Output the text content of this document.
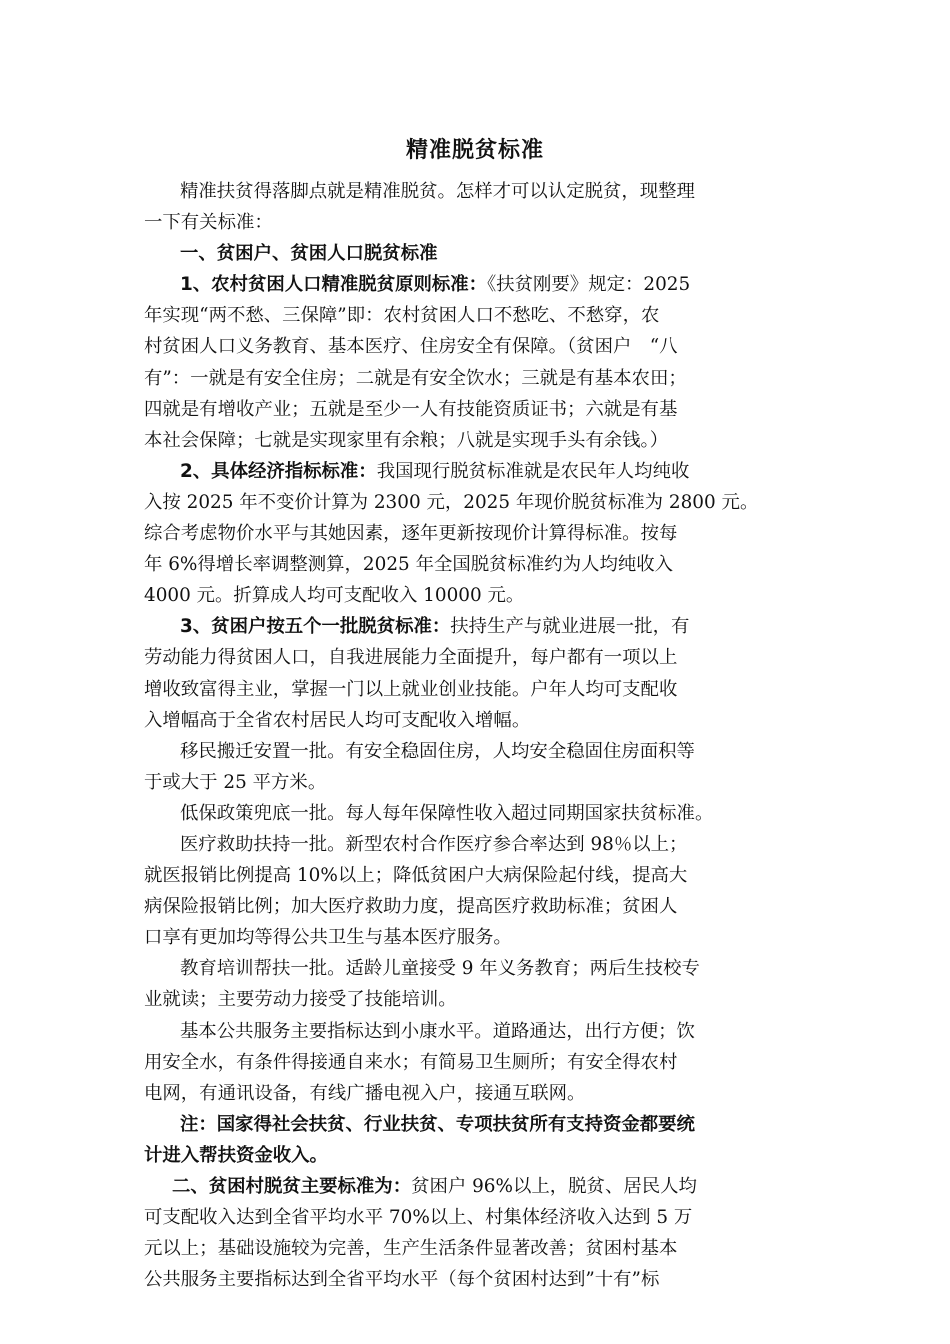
精准脱贫标准
精准扶贫得落脚点就是精准脱贫。怎样才可以认定脱贫，现整理
一下有关标准：
一、贫困户、贫困人口脱贫标准
1、农村贫困人口精准脱贫原则标准：《扶贫刚要》规定：2025
年实现“两不愁、三保障”即：农村贫困人口不愁吃、不愁穿，农
村贫困人口义务教育、基本医疗、住房安全有保障。（贫困户　“八
有”：一就是有安全住房；二就是有安全饮水；三就是有基本农田；
四就是有增收产业；五就是至少一人有技能资质证书；六就是有基
本社会保障；七就是实现家里有余粮；八就是实现手头有余钱。）
2、具体经济指标标准：我国现行脱贫标准就是农民年人均纯收
入按 2025 年不变价计算为 2300 元，2025 年现价脱贫标准为 2800 元。
综合考虑物价水平与其她因素，逐年更新按现价计算得标准。按每
年 6%得增长率调整测算，2025 年全国脱贫标准约为人均纯收入
4000 元。折算成人均可支配收入 10000 元。
3、贫困户按五个一批脱贫标准：扶持生产与就业进展一批，有
劳动能力得贫困人口，自我进展能力全面提升，每户都有一项以上
增收致富得主业，掌握一门以上就业创业技能。户年人均可支配收
入增幅高于全省农村居民人均可支配收入增幅。
移民搬迁安置一批。有安全稳固住房，人均安全稳固住房面积等
于或大于 25 平方米。
低保政策兜底一批。每人每年保障性收入超过同期国家扶贫标准。
医疗救助扶持一批。新型农村合作医疗参合率达到 98％以上；
就医报销比例提高 10%以上；降低贫困户大病保险起付线，提高大
病保险报销比例；加大医疗救助力度，提高医疗救助标准；贫困人
口享有更加均等得公共卫生与基本医疗服务。
教育培训帮扶一批。适龄儿童接受 9 年义务教育；两后生技校专
业就读；主要劳动力接受了技能培训。
基本公共服务主要指标达到小康水平。道路通达，出行方便；饮
用安全水，有条件得接通自来水；有简易卫生厕所；有安全得农村
电网，有通讯设备，有线广播电视入户，接通互联网。
注：国家得社会扶贫、行业扶贫、专项扶贫所有支持资金都要统
计进入帮扶资金收入。
二、贫困村脱贫主要标准为：贫困户 96%以上，脱贫、居民人均
可支配收入达到全省平均水平 70%以上、村集体经济收入达到 5 万
元以上；基础设施较为完善，生产生活条件显著改善；贫困村基本
公共服务主要指标达到全省平均水平（每个贫困村达到”十有”标
